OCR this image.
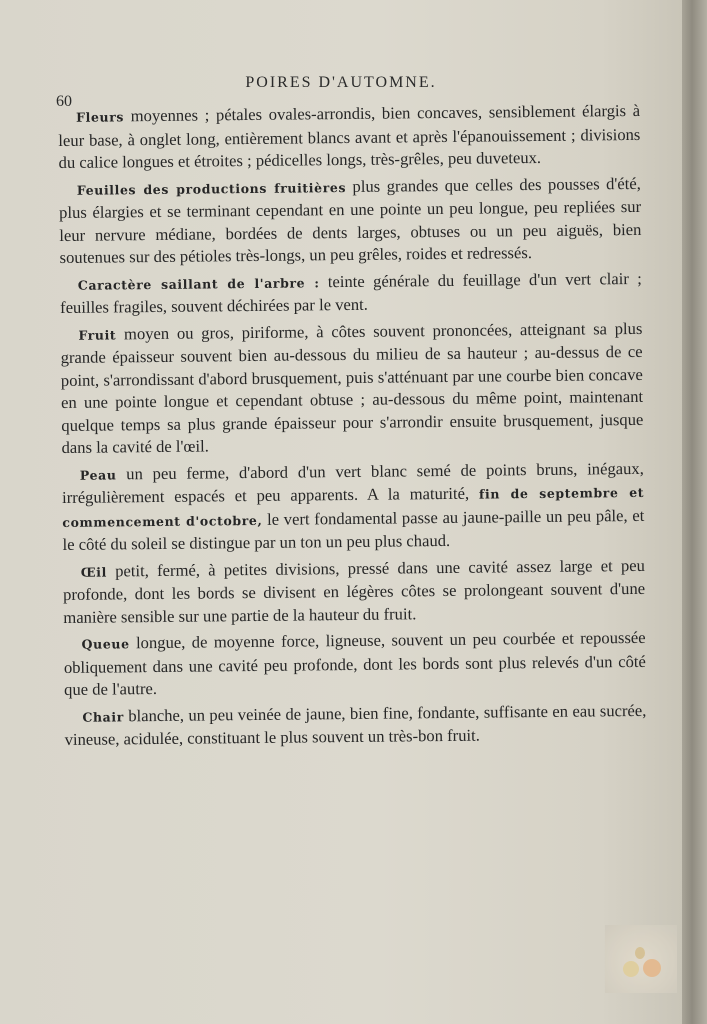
POIRES D'AUTOMNE.
60

Fleurs moyennes ; pétales ovales-arrondis, bien concaves, sensiblement élargis à leur base, à onglet long, entièrement blancs avant et après l'épanouissement ; divisions du calice longues et étroites ; pédicelles longs, très-grêles, peu duveteux.

Feuilles des productions fruitières plus grandes que celles des pousses d'été, plus élargies et se terminant cependant en une pointe un peu longue, peu repliées sur leur nervure médiane, bordées de dents larges, obtuses ou un peu aiguës, bien soutenues sur des pétioles très-longs, un peu grêles, roides et redressés.

Caractère saillant de l'arbre : teinte générale du feuillage d'un vert clair ; feuilles fragiles, souvent déchirées par le vent.

Fruit moyen ou gros, piriforme, à côtes souvent prononcées, atteignant sa plus grande épaisseur souvent bien au-dessous du milieu de sa hauteur ; au-dessus de ce point, s'arrondissant d'abord brusquement, puis s'atténuant par une courbe bien concave en une pointe longue et cependant obtuse ; au-dessous du même point, maintenant quelque temps sa plus grande épaisseur pour s'arrondir ensuite brusquement, jusque dans la cavité de l'œil.

Peau un peu ferme, d'abord d'un vert blanc semé de points bruns, inégaux, irrégulièrement espacés et peu apparents. A la maturité, fin de septembre et commencement d'octobre, le vert fondamental passe au jaune-paille un peu pâle, et le côté du soleil se distingue par un ton un peu plus chaud.

Œil petit, fermé, à petites divisions, pressé dans une cavité assez large et peu profonde, dont les bords se divisent en légères côtes se prolongeant souvent d'une manière sensible sur une partie de la hauteur du fruit.

Queue longue, de moyenne force, ligneuse, souvent un peu courbée et repoussée obliquement dans une cavité peu profonde, dont les bords sont plus relevés d'un côté que de l'autre.

Chair blanche, un peu veinée de jaune, bien fine, fondante, suffisante en eau sucrée, vineuse, acidulée, constituant le plus souvent un très-bon fruit.
